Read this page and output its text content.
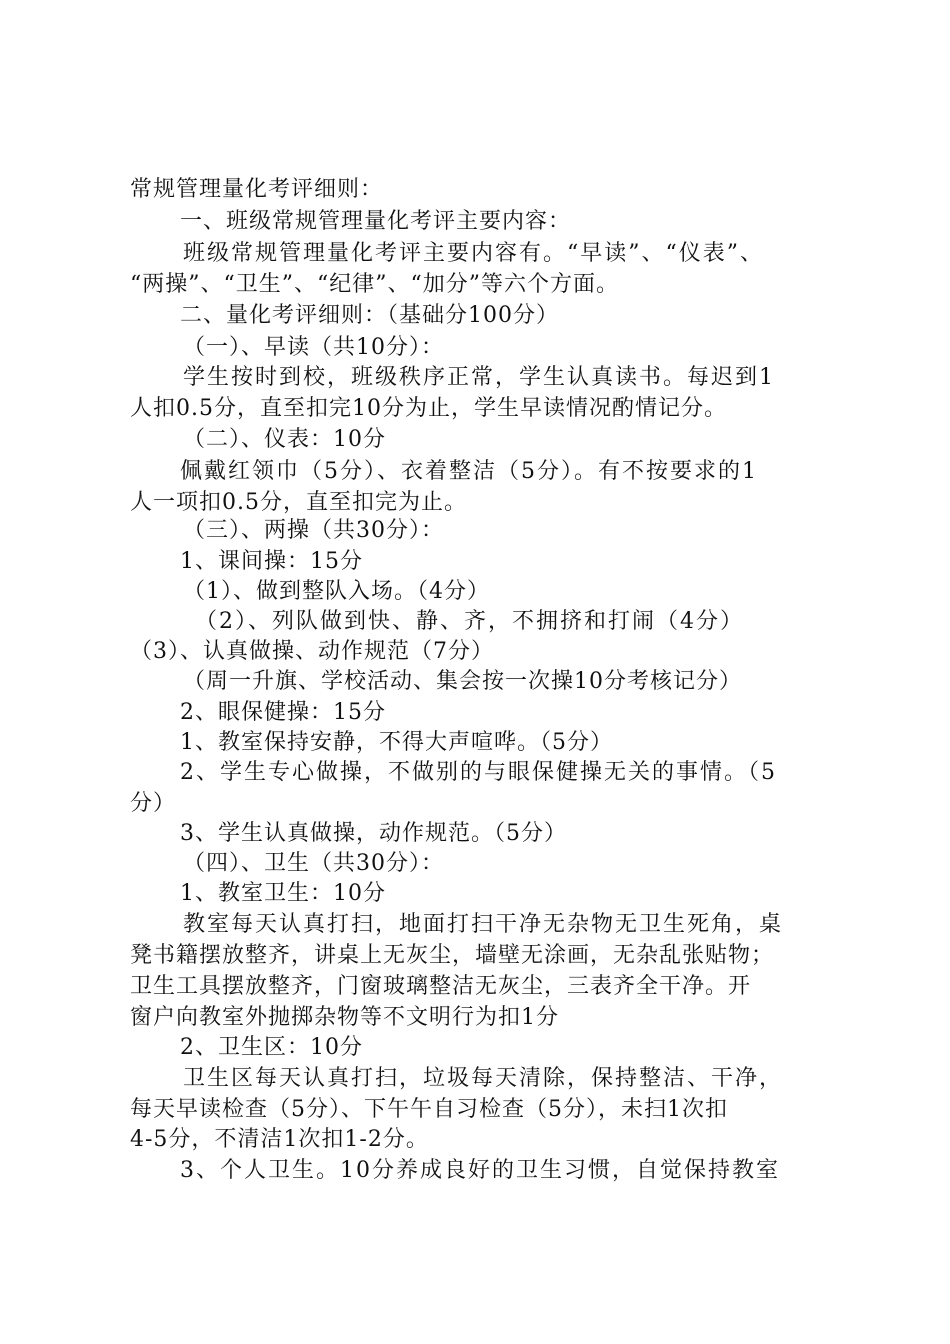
常规管理量化考评细则：
一、班级常规管理量化考评主要内容：
班级常规管理量化考评主要内容有。“早读”、“仪表”、
“两操”、“卫生”、“纪律”、“加分”等六个方面。
二、量化考评细则：（基础分100分）
（一）、早读（共10分）：
学生按时到校，班级秩序正常，学生认真读书。每迟到1
人扣0.5分，直至扣完10分为止，学生早读情况酌情记分。
（二）、仪表：10分
佩戴红领巾（5分）、衣着整洁（5分）。有不按要求的1
人一项扣0.5分，直至扣完为止。
（三）、两操（共30分）：
1、课间操：15分
（1）、做到整队入场。（4分）
（2）、列队做到快、静、齐，不拥挤和打闹（4分）
（3）、认真做操、动作规范（7分）
（周一升旗、学校活动、集会按一次操10分考核记分）
2、眼保健操：15分
1、教室保持安静，不得大声喧哗。（5分）
2、学生专心做操，不做别的与眼保健操无关的事情。（5
分）
3、学生认真做操，动作规范。（5分）
（四）、卫生（共30分）：
1、教室卫生：10分
教室每天认真打扫，地面打扫干净无杂物无卫生死角，桌
凳书籍摆放整齐，讲桌上无灰尘，墙壁无涂画，无杂乱张贴物；
卫生工具摆放整齐，门窗玻璃整洁无灰尘，三表齐全干净。开
窗户向教室外抛掷杂物等不文明行为扣1分
2、卫生区：10分
卫生区每天认真打扫，垃圾每天清除，保持整洁、干净，
每天早读检查（5分）、下午午自习检查（5分），未扫1次扣
4-5分，不清洁1次扣1-2分。
3、个人卫生。10分养成良好的卫生习惯，自觉保持教室
